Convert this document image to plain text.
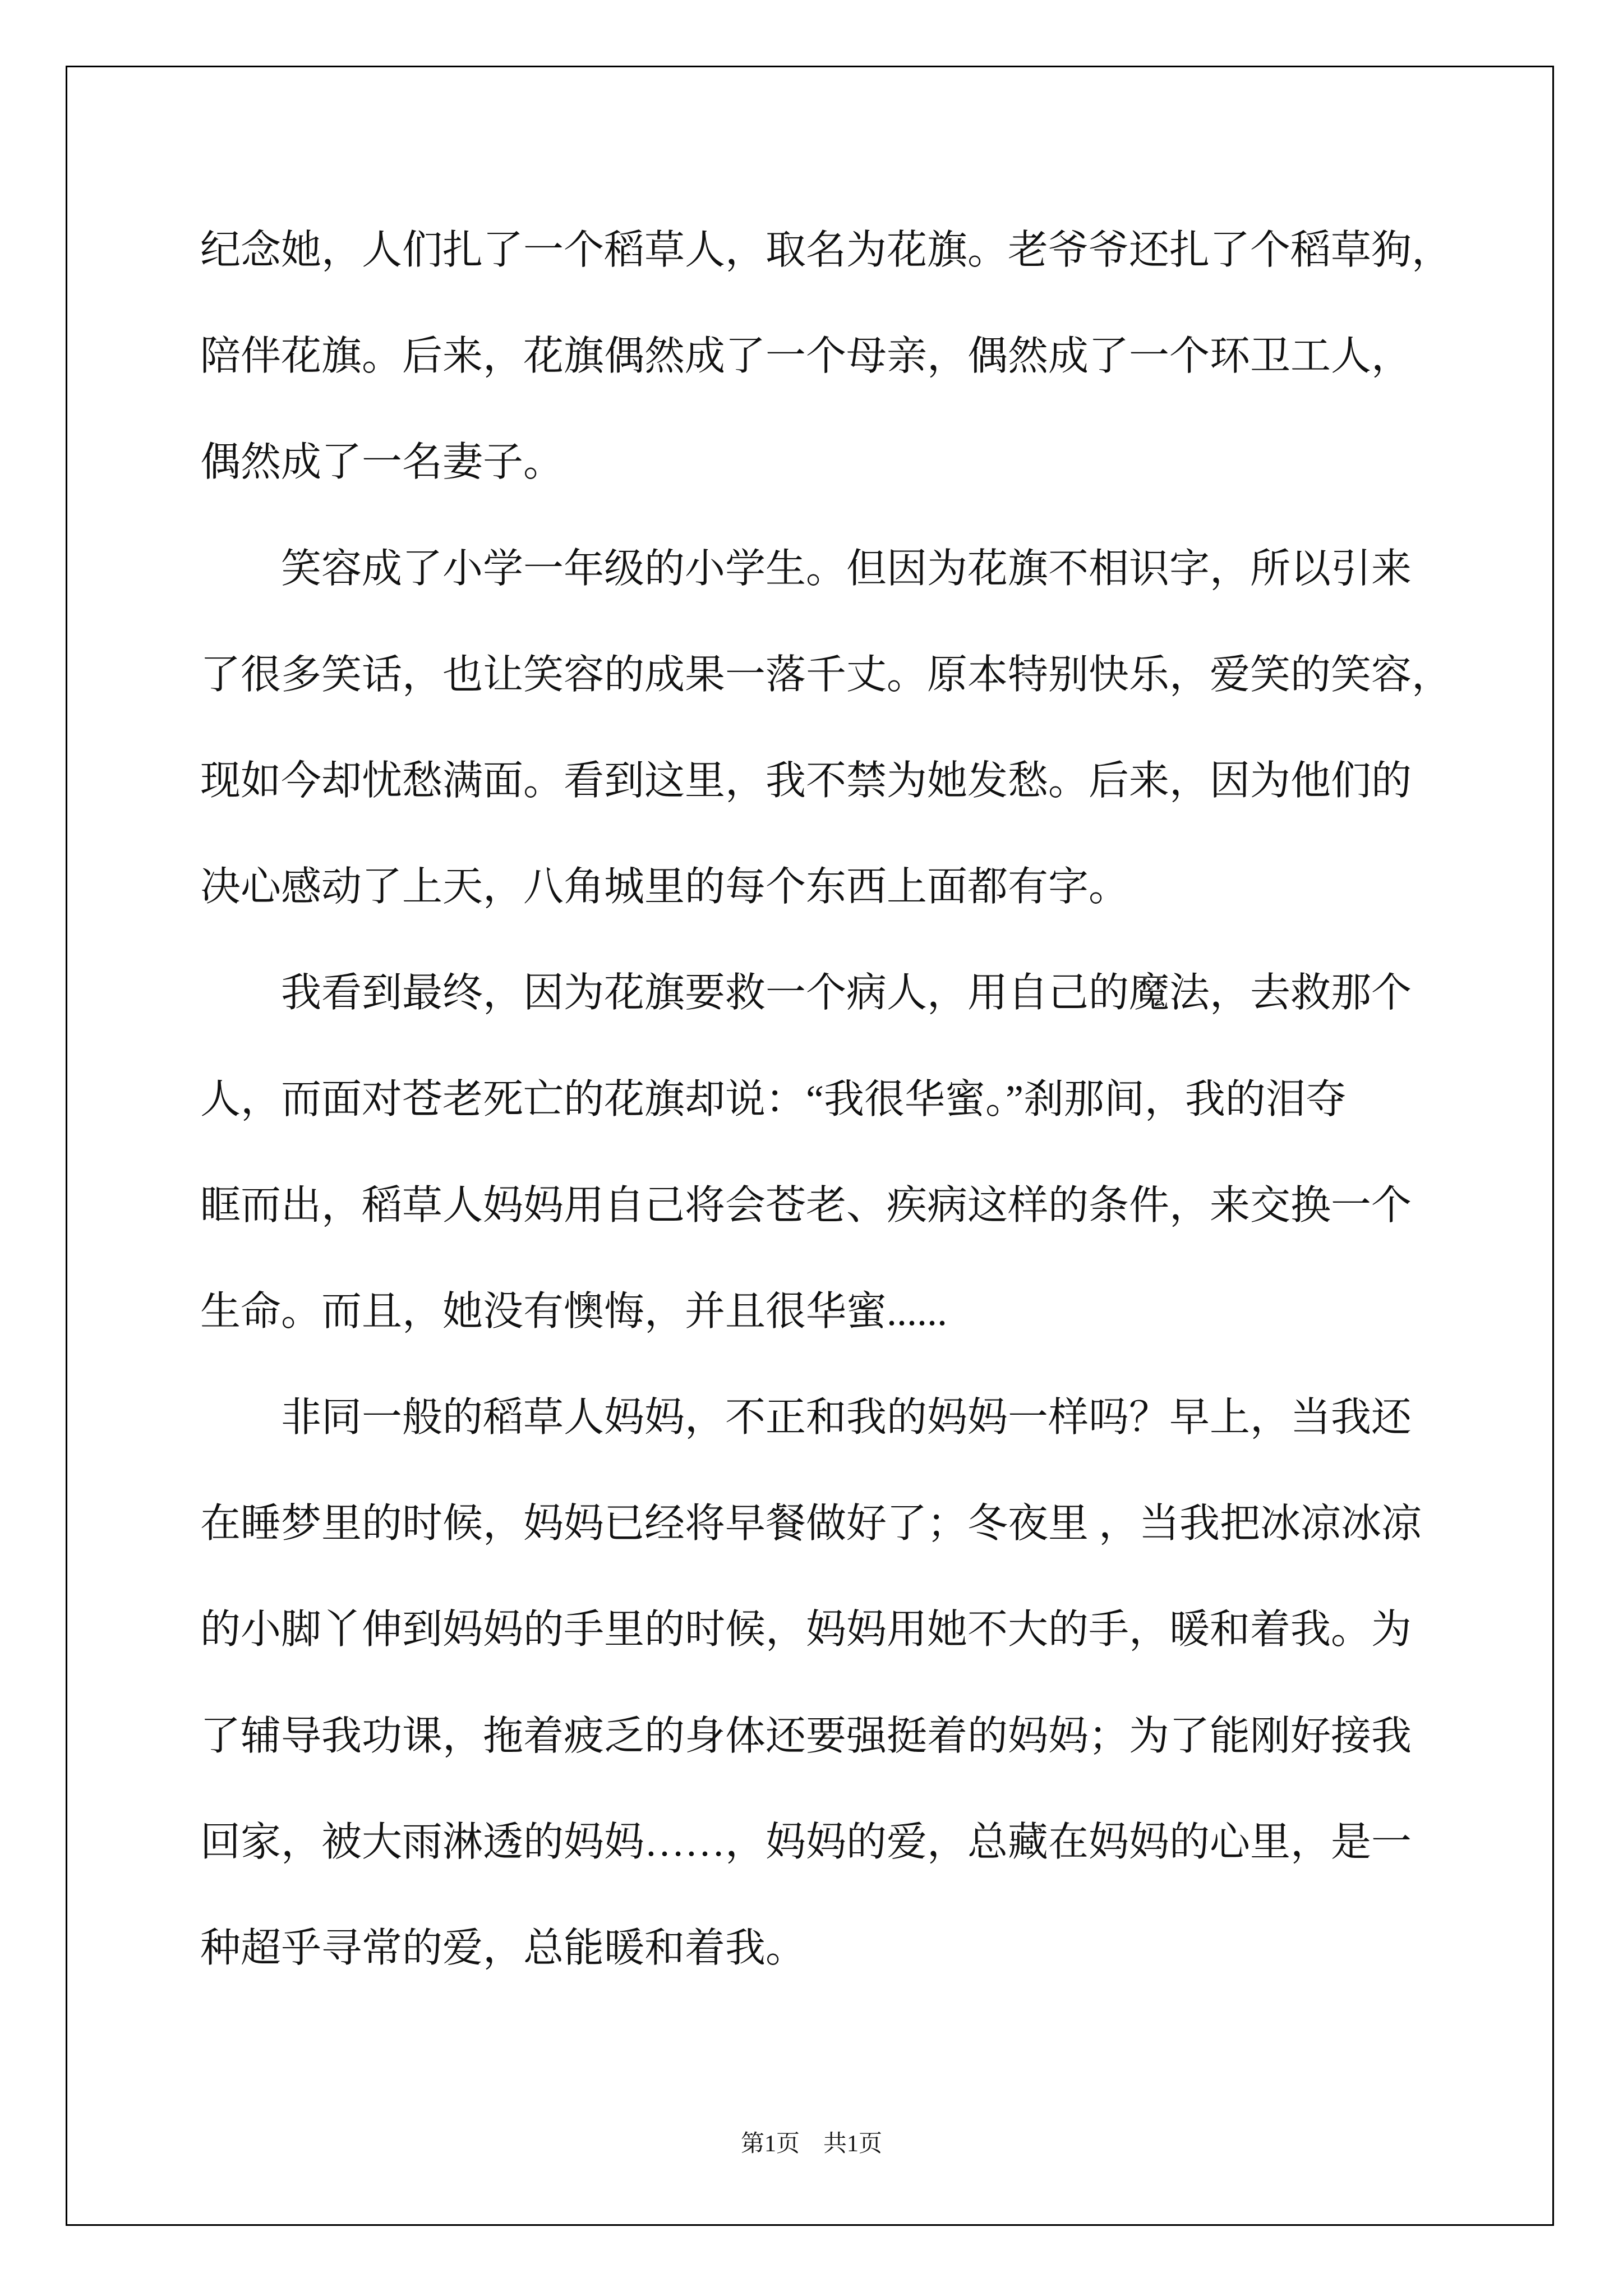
纪念她，人们扎了一个稻草人，取名为花旗。老爷爷还扎了个稻草狗，
陪伴花旗。后来，花旗偶然成了一个母亲，偶然成了一个环卫工人，
偶然成了一名妻子。
笑容成了小学一年级的小学生。但因为花旗不相识字，所以引来
了很多笑话，也让笑容的成果一落千丈。原本特别快乐，爱笑的笑容，
现如今却忧愁满面。看到这里，我不禁为她发愁。后来，因为他们的
决心感动了上天，八角城里的每个东西上面都有字。
我看到最终，因为花旗要救一个病人，用自己的魔法，去救那个
人，而面对苍老死亡的花旗却说：“我很华蜜。”刹那间，我的泪夺
眶而出，稻草人妈妈用自己将会苍老、疾病这样的条件，来交换一个
生命。而且，她没有懊悔，并且很华蜜......
非同一般的稻草人妈妈，不正和我的妈妈一样吗？早上，当我还
在睡梦里的时候，妈妈已经将早餐做好了；冬夜里 ，当我把冰凉冰凉
的小脚丫伸到妈妈的手里的时候，妈妈用她不大的手，暖和着我。为
了辅导我功课，拖着疲乏的身体还要强挺着的妈妈；为了能刚好接我
回家，被大雨淋透的妈妈……，妈妈的爱，总藏在妈妈的心里，是一
种超乎寻常的爱，总能暖和着我。
第1页　共1页
